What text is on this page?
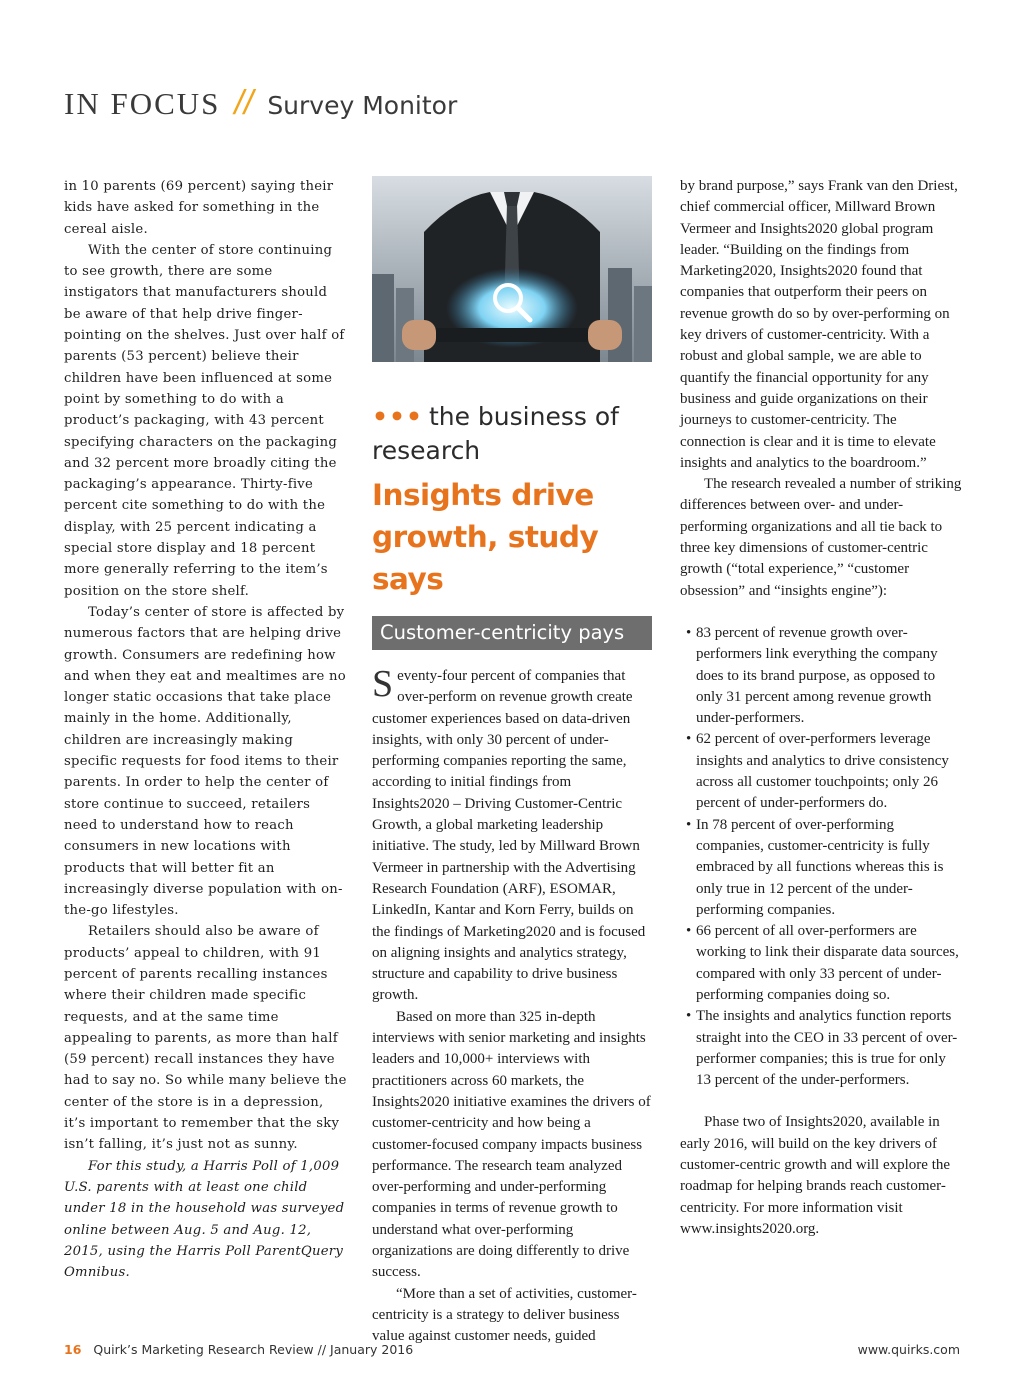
IN FOCUS // Survey Monitor

in 10 parents (69 percent) saying their kids have asked for something in the cereal aisle.

With the center of store continuing to see growth, there are some instigators that manufacturers should be aware of that help drive finger-pointing on the shelves. Just over half of parents (53 percent) believe their children have been influenced at some point by something to do with a product’s packaging, with 43 percent specifying characters on the packaging and 32 percent more broadly citing the packaging’s appearance. Thirty-five percent cite something to do with the display, with 25 percent indicating a special store display and 18 percent more generally referring to the item’s position on the store shelf.

Today’s center of store is affected by numerous factors that are helping drive growth. Consumers are redefining how and when they eat and mealtimes are no longer static occasions that take place mainly in the home. Additionally, children are increasingly making specific requests for food items to their parents. In order to help the center of store continue to succeed, retailers need to understand how to reach consumers in new locations with products that will better fit an increasingly diverse population with on-the-go lifestyles.

Retailers should also be aware of products’ appeal to children, with 91 percent of parents recalling instances where their children made specific requests, and at the same time appealing to parents, as more than half (59 percent) recall instances they have had to say no. So while many believe the center of the store is in a depression, it’s important to remember that the sky isn’t falling, it’s just not as sunny.

For this study, a Harris Poll of 1,009 U.S. parents with at least one child under 18 in the household was surveyed online between Aug. 5 and Aug. 12, 2015, using the Harris Poll ParentQuery Omnibus.

••• the business of research
Insights drive growth, study says
Customer-centricity pays

Seventy-four percent of companies that over-perform on revenue growth create customer experiences based on data-driven insights, with only 30 percent of under-performing companies reporting the same, according to initial findings from Insights2020 – Driving Customer-Centric Growth, a global marketing leadership initiative. The study, led by Millward Brown Vermeer in partnership with the Advertising Research Foundation (ARF), ESOMAR, LinkedIn, Kantar and Korn Ferry, builds on the findings of Marketing2020 and is focused on aligning insights and analytics strategy, structure and capability to drive business growth.

Based on more than 325 in-depth interviews with senior marketing and insights leaders and 10,000+ interviews with practitioners across 60 markets, the Insights2020 initiative examines the drivers of customer-centricity and how being a customer-focused company impacts business performance. The research team analyzed over-performing and under-performing companies in terms of revenue growth to understand what over-performing organizations are doing differently to drive success.

“More than a set of activities, customer-centricity is a strategy to deliver business value against customer needs, guided

by brand purpose,” says Frank van den Driest, chief commercial officer, Millward Brown Vermeer and Insights2020 global program leader. “Building on the findings from Marketing2020, Insights2020 found that companies that outperform their peers on revenue growth do so by over-performing on key drivers of customer-centricity. With a robust and global sample, we are able to quantify the financial opportunity for any business and guide organizations on their journeys to customer-centricity. The connection is clear and it is time to elevate insights and analytics to the boardroom.”

The research revealed a number of striking differences between over- and under-performing organizations and all tie back to three key dimensions of customer-centric growth (“total experience,” “customer obsession” and “insights engine”):

• 83 percent of revenue growth over-performers link everything the company does to its brand purpose, as opposed to only 31 percent among revenue growth under-performers.
• 62 percent of over-performers leverage insights and analytics to drive consistency across all customer touchpoints; only 26 percent of under-performers do.
• In 78 percent of over-performing companies, customer-centricity is fully embraced by all functions whereas this is only true in 12 percent of the under-performing companies.
• 66 percent of all over-performers are working to link their disparate data sources, compared with only 33 percent of under-performing companies doing so.
• The insights and analytics function reports straight into the CEO in 33 percent of over-performer companies; this is true for only 13 percent of the under-performers.

Phase two of Insights2020, available in early 2016, will build on the key drivers of customer-centric growth and will explore the roadmap for helping brands reach customer-centricity. For more information visit www.insights2020.org.

16 Quirk’s Marketing Research Review // January 2016	www.quirks.com
